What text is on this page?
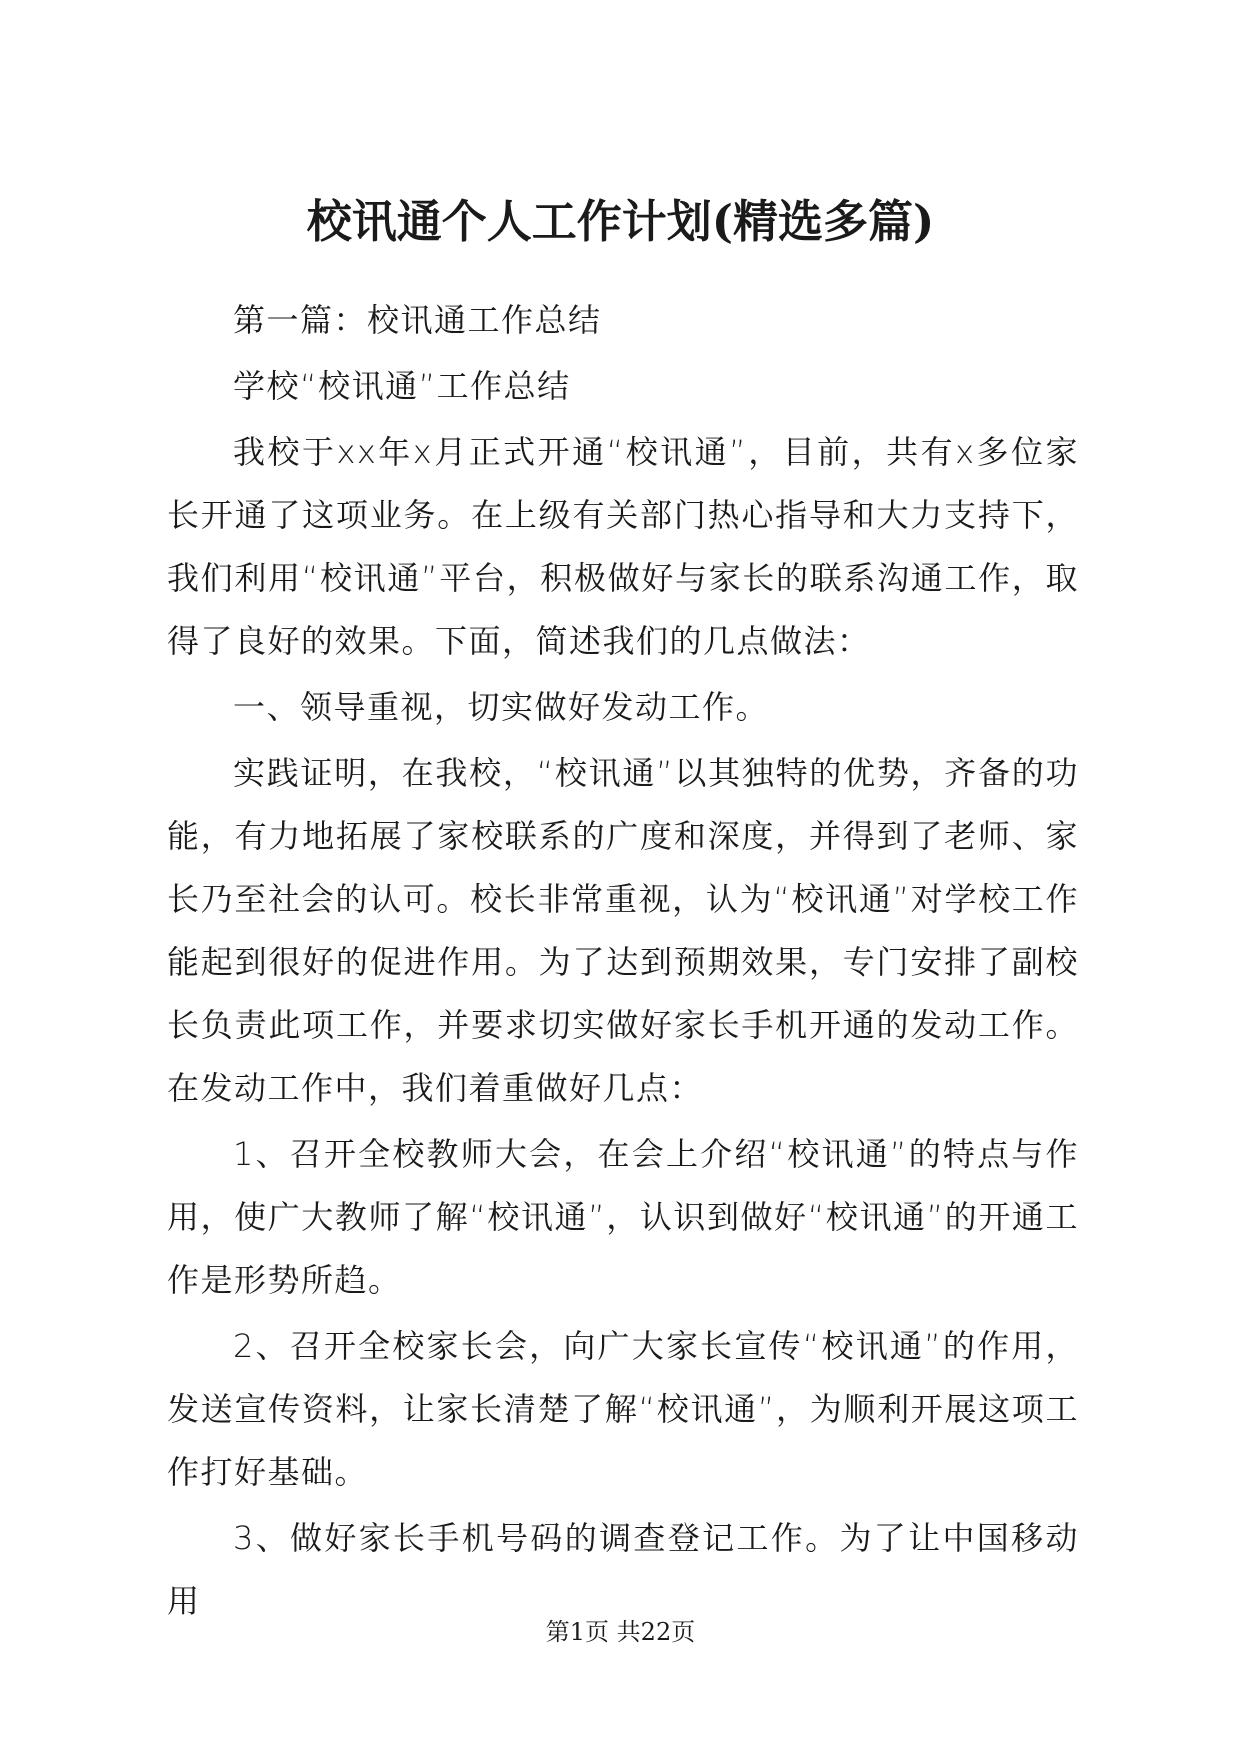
校讯通个人工作计划(精选多篇)

第一篇：校讯通工作总结

学校“校讯通”工作总结

我校于xx年x月正式开通“校讯通”，目前，共有x多位家长开通了这项业务。在上级有关部门热心指导和大力支持下，我们利用“校讯通”平台，积极做好与家长的联系沟通工作，取得了良好的效果。下面，简述我们的几点做法：

一、领导重视，切实做好发动工作。

实践证明，在我校，“校讯通”以其独特的优势，齐备的功能，有力地拓展了家校联系的广度和深度，并得到了老师、家长乃至社会的认可。校长非常重视，认为“校讯通”对学校工作能起到很好的促进作用。为了达到预期效果，专门安排了副校长负责此项工作，并要求切实做好家长手机开通的发动工作。在发动工作中，我们着重做好几点：

1、召开全校教师大会，在会上介绍“校讯通”的特点与作用，使广大教师了解“校讯通”，认识到做好“校讯通”的开通工作是形势所趋。

2、召开全校家长会，向广大家长宣传“校讯通”的作用，发送宣传资料，让家长清楚了解“校讯通”，为顺利开展这项工作打好基础。

3、做好家长手机号码的调查登记工作。为了让中国移动用

第1页 共22页
